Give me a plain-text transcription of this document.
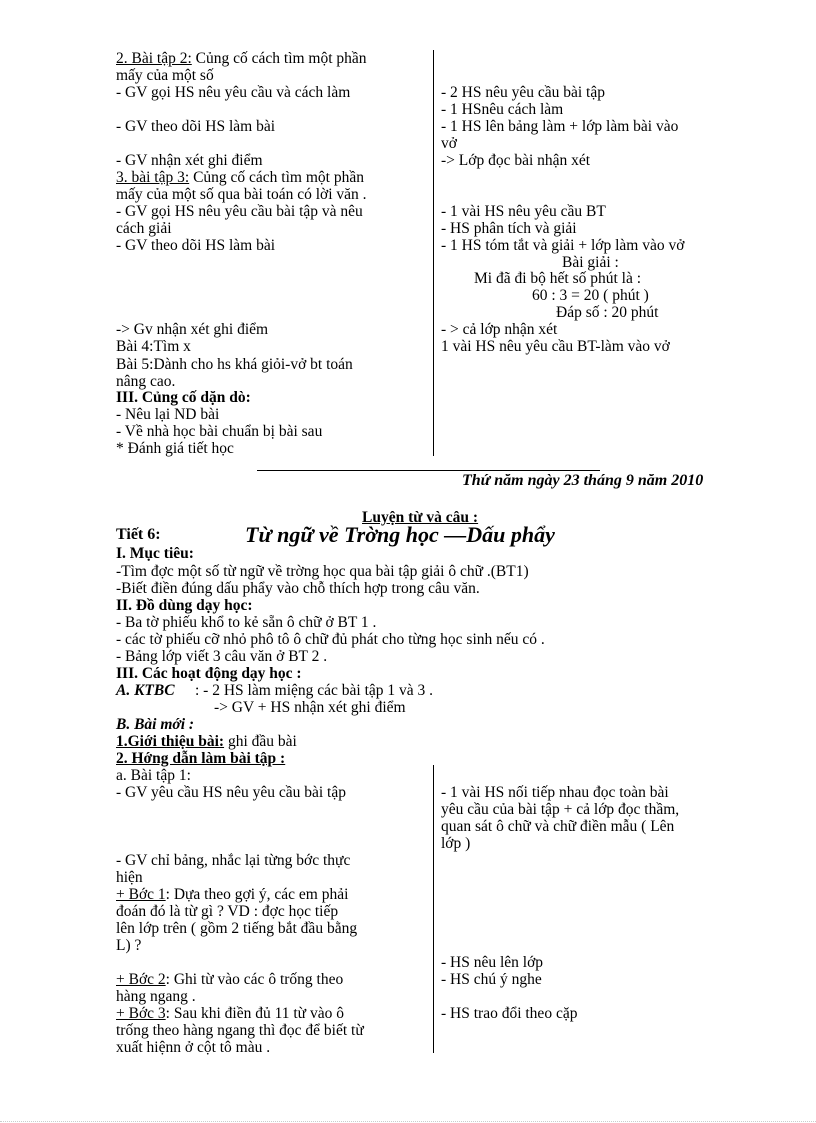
2. Bài tập 2: Củng cố cách tìm một phần
mấy của một số
- GV gọi HS nêu yêu cầu và cách làm
- GV theo dõi HS làm bài
- GV nhận xét ghi điểm
3. bài tập 3: Củng cố cách tìm một phần
mấy của một số qua bài toán có lời văn .
- GV gọi HS nêu yêu cầu bài tập và nêu
cách giải
- GV theo dõi HS làm bài
-> Gv nhận xét ghi điểm
Bài 4:Tìm x
Bài 5:Dành cho hs khá giỏi-vở bt toán
nâng cao.
III. Củng cố dặn dò:
- Nêu lại ND bài
- Về nhà học bài chuẩn bị bài sau
* Đánh giá tiết học
- 2 HS nêu yêu cầu bài tập
- 1 HSnêu cách làm
- 1 HS lên bảng làm + lớp làm bài vào
vở
-> Lớp đọc bài nhận xét
- 1 vài HS nêu yêu cầu BT
- HS phân tích và giải
- 1 HS tóm tắt và giải + lớp làm vào vở
Bài giải :
Mi đã đi bộ hết số phút là :
60 : 3 = 20 ( phút )
Đáp số : 20 phút
- > cả lớp nhận xét
1 vài HS nêu yêu cầu BT-làm vào vở
Thứ năm ngày 23 tháng 9 năm 2010
Luyện từ và câu :
Tiết 6:	Từ ngữ về Trờng học —Dấu phẩy
I. Mục tiêu:
-Tìm đợc một số từ ngữ về trờng học qua bài tập giải ô chữ .(BT1)
-Biết điền đúng dấu phẩy vào chỗ thích hợp trong câu văn.
II. Đồ dùng dạy học:
- Ba tờ phiếu khổ to kẻ sẵn ô chữ ở BT 1 .
- các tờ phiếu cỡ nhỏ phô tô ô chữ đủ phát cho từng học sinh nếu có .
- Bảng lớp viết 3 câu văn ở BT 2 .
III. Các hoạt động dạy học :
A. KTBC : - 2 HS làm miệng các bài tập 1 và 3 .
-> GV + HS nhận xét ghi điểm
B. Bài mới :
1.Giới thiệu bài: ghi đầu bài
2. Hớng dẫn làm bài tập :
a. Bài tập 1:
- GV yêu cầu HS nêu yêu cầu bài tập
- GV chỉ bảng, nhắc lại từng bớc thực
hiện
+ Bớc 1: Dựa theo gợi ý, các em phải
đoán đó là từ gì ? VD : đợc học tiếp
lên lớp trên ( gồm 2 tiếng bắt đầu bằng
L) ?
+ Bớc 2: Ghi từ vào các ô trống theo
hàng ngang .
+ Bớc 3: Sau khi điền đủ 11 từ vào ô
trống theo hàng ngang thì đọc để biết từ
xuất hiệnn ở cột tô màu .
- 1 vài HS nối tiếp nhau đọc toàn bài
yêu cầu của bài tập + cả lớp đọc thầm,
quan sát ô chữ và chữ điền mẫu ( Lên
lớp )
- HS nêu lên lớp
- HS chú ý nghe
- HS trao đổi theo cặp
